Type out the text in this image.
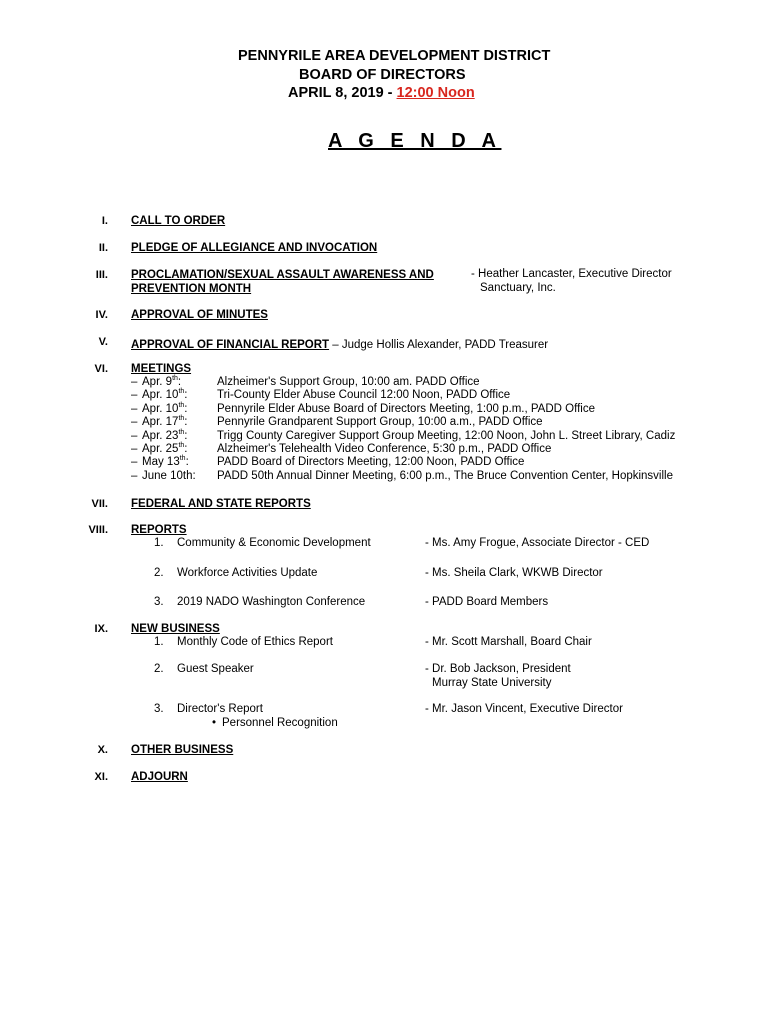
PENNYRILE AREA DEVELOPMENT DISTRICT
BOARD OF DIRECTORS
APRIL 8, 2019 - 12:00 Noon
A G E N D A
I. CALL TO ORDER
II. PLEDGE OF ALLEGIANCE AND INVOCATION
III. PROCLAMATION/SEXUAL ASSAULT AWARENESS AND
PREVENTION MONTH
- Heather Lancaster, Executive Director
Sanctuary, Inc.
IV. APPROVAL OF MINUTES
V. APPROVAL OF FINANCIAL REPORT – Judge Hollis Alexander, PADD Treasurer
VI. MEETINGS
– Apr. 9th:	Alzheimer's Support Group, 10:00 am. PADD Office
– Apr. 10th:	Tri-County Elder Abuse Council 12:00 Noon, PADD Office
– Apr. 10th:	Pennyrile Elder Abuse Board of Directors Meeting, 1:00 p.m., PADD Office
– Apr. 17th:	Pennyrile Grandparent Support Group, 10:00 a.m., PADD Office
– Apr. 23th:	Trigg County Caregiver Support Group Meeting, 12:00 Noon, John L. Street Library, Cadiz
– Apr. 25th:	Alzheimer's Telehealth Video Conference, 5:30 p.m., PADD Office
– May 13th: PADD Board of Directors Meeting, 12:00 Noon, PADD Office
– June 10th: PADD 50th Annual Dinner Meeting, 6:00 p.m., The Bruce Convention Center, Hopkinsville
VII. FEDERAL AND STATE REPORTS
VIII. REPORTS
1. Community & Economic Development	- Ms. Amy Frogue, Associate Director - CED
2. Workforce Activities Update	- Ms. Sheila Clark, WKWB Director
3. 2019 NADO Washington Conference	- PADD Board Members
IX. NEW BUSINESS
1. Monthly Code of Ethics Report	- Mr. Scott Marshall, Board Chair
2. Guest Speaker	- Dr. Bob Jackson, President
Murray State University
3. Director's Report	- Mr. Jason Vincent, Executive Director
• Personnel Recognition
X. OTHER BUSINESS
XI. ADJOURN
